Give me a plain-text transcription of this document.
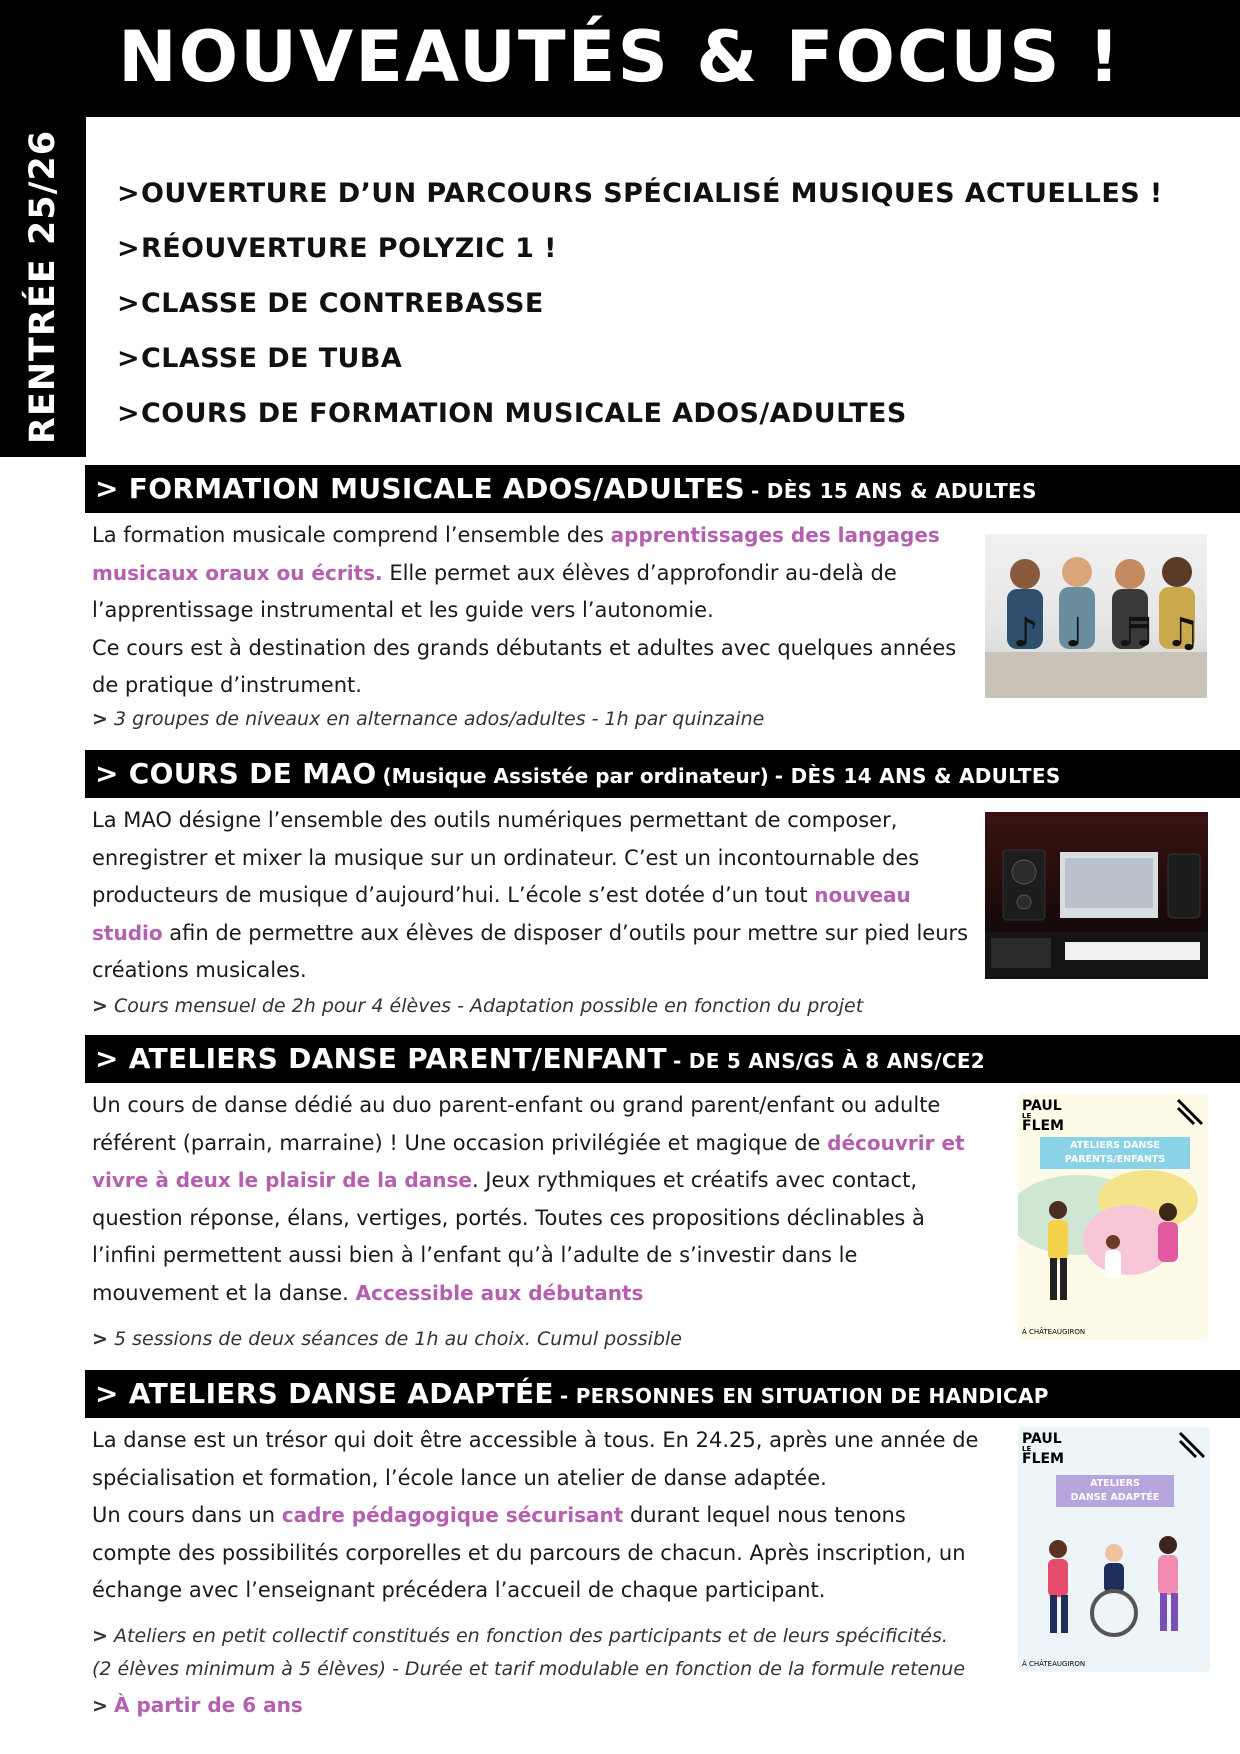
NOUVEAUTÉS & FOCUS !
RENTRÉE 25/26 >OUVERTURE D’UN PARCOURS SPÉCIALISÉ MUSIQUES ACTUELLES !
>RÉOUVERTURE POLYZIC 1 !
>CLASSE DE CONTREBASSE
>CLASSE DE TUBA
>COURS DE FORMATION MUSICALE ADOS/ADULTES
> FORMATION MUSICALE ADOS/ADULTES - DÈS 15 ANS & ADULTES
La formation musicale comprend l’ensemble des apprentissages des langages musicaux oraux ou écrits. Elle permet aux élèves d’approfondir au-delà de l’apprentissage instrumental et les guide vers l’autonomie.
Ce cours est à destination des grands débutants et adultes avec quelques années de pratique d’instrument.
> 3 groupes de niveaux en alternance ados/adultes - 1h par quinzaine
♪ ♩ ♬ ♫
> COURS DE MAO (Musique Assistée par ordinateur) - DÈS 14 ANS & ADULTES
La MAO désigne l’ensemble des outils numériques permettant de composer, enregistrer et mixer la musique sur un ordinateur. C’est un incontournable des producteurs de musique d’aujourd’hui. L’école s’est dotée d’un tout nouveau studio afin de permettre aux élèves de disposer d’outils pour mettre sur pied leurs créations musicales.
> Cours mensuel de 2h pour 4 élèves - Adaptation possible en fonction du projet
> ATELIERS DANSE PARENT/ENFANT - DE 5 ANS/GS À 8 ANS/CE2
Un cours de danse dédié au duo parent-enfant ou grand parent/enfant ou adulte référent (parrain, marraine) ! Une occasion privilégiée et magique de découvrir et vivre à deux le plaisir de la danse. Jeux rythmiques et créatifs avec contact, question réponse, élans, vertiges, portés. Toutes ces propositions déclinables à l’infini permettent aussi bien à l’enfant qu’à l’adulte de s’investir dans le mouvement et la danse. Accessible aux débutants
> 5 sessions de deux séances de 1h au choix. Cumul possible
PAUL
LE
FLEM
ATELIERS DANSE
PARENTS/ENFANTS
À CHÂTEAUGIRON
> ATELIERS DANSE ADAPTÉE - PERSONNES EN SITUATION DE HANDICAP
La danse est un trésor qui doit être accessible à tous. En 24.25, après une année de spécialisation et formation, l’école lance un atelier de danse adaptée.
Un cours dans un cadre pédagogique sécurisant durant lequel nous tenons compte des possibilités corporelles et du parcours de chacun. Après inscription, un échange avec l’enseignant précédera l’accueil de chaque participant.
> Ateliers en petit collectif constitués en fonction des participants et de leurs spécificités.
(2 élèves minimum à 5 élèves) - Durée et tarif modulable en fonction de la formule retenue
> À partir de 6 ans
PAUL
LE
FLEM
ATELIERS
DANSE ADAPTÉE
À CHÂTEAUGIRON
